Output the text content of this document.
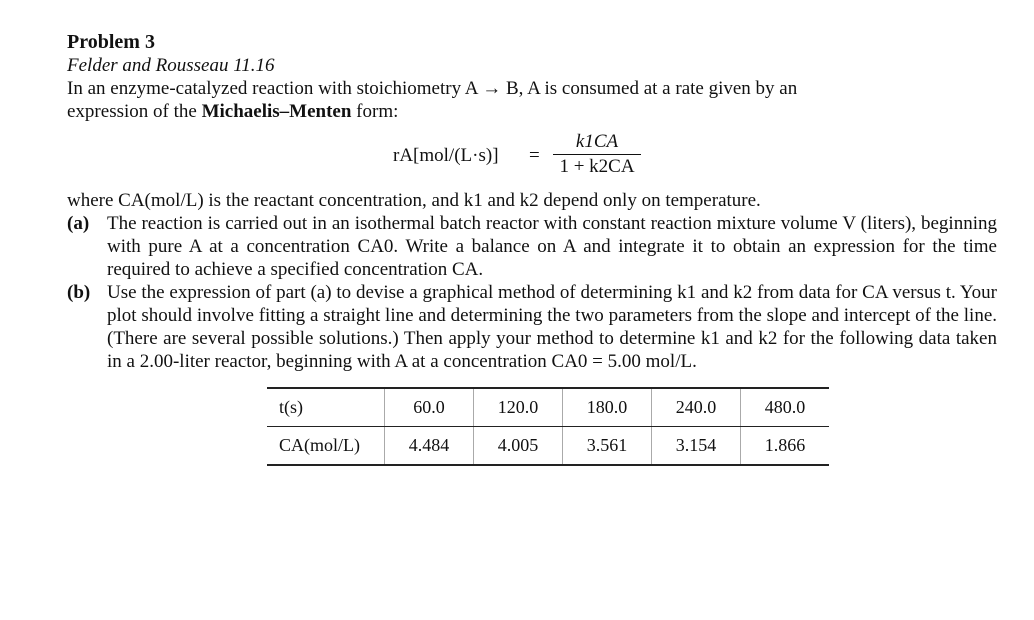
Problem 3
Felder and Rousseau 11.16

In an enzyme-catalyzed reaction with stoichiometry A → B, A is consumed at a rate given by an

expression of the Michaelis–Menten form:

$rA[mol/(L\cdot s)] = \frac{k1CA}{1 + k2CA}$

where CA(mol/L) is the reactant concentration, and k1 and k2 depend only on temperature.

(a) The reaction is carried out in an isothermal batch reactor with constant reaction mixture volume V (liters), beginning with pure A at a concentration CA0. Write a balance on A and integrate it to obtain an expression for the time required to achieve a specified concentration CA.
(b) Use the expression of part (a) to devise a graphical method of determining k1 and k2 from data for CA versus t. Your plot should involve fitting a straight line and determining the two parameters from the slope and intercept of the line. (There are several possible solutions.) Then apply your method to determine k1 and k2 for the following data taken in a 2.00-liter reactor, beginning with A at a concentration CA0 = 5.00 mol/L.
t(s)	60.0	120.0	180.0	240.0	480.0
CA(mol/L)	4.484	4.005	3.561	3.154	1.866
